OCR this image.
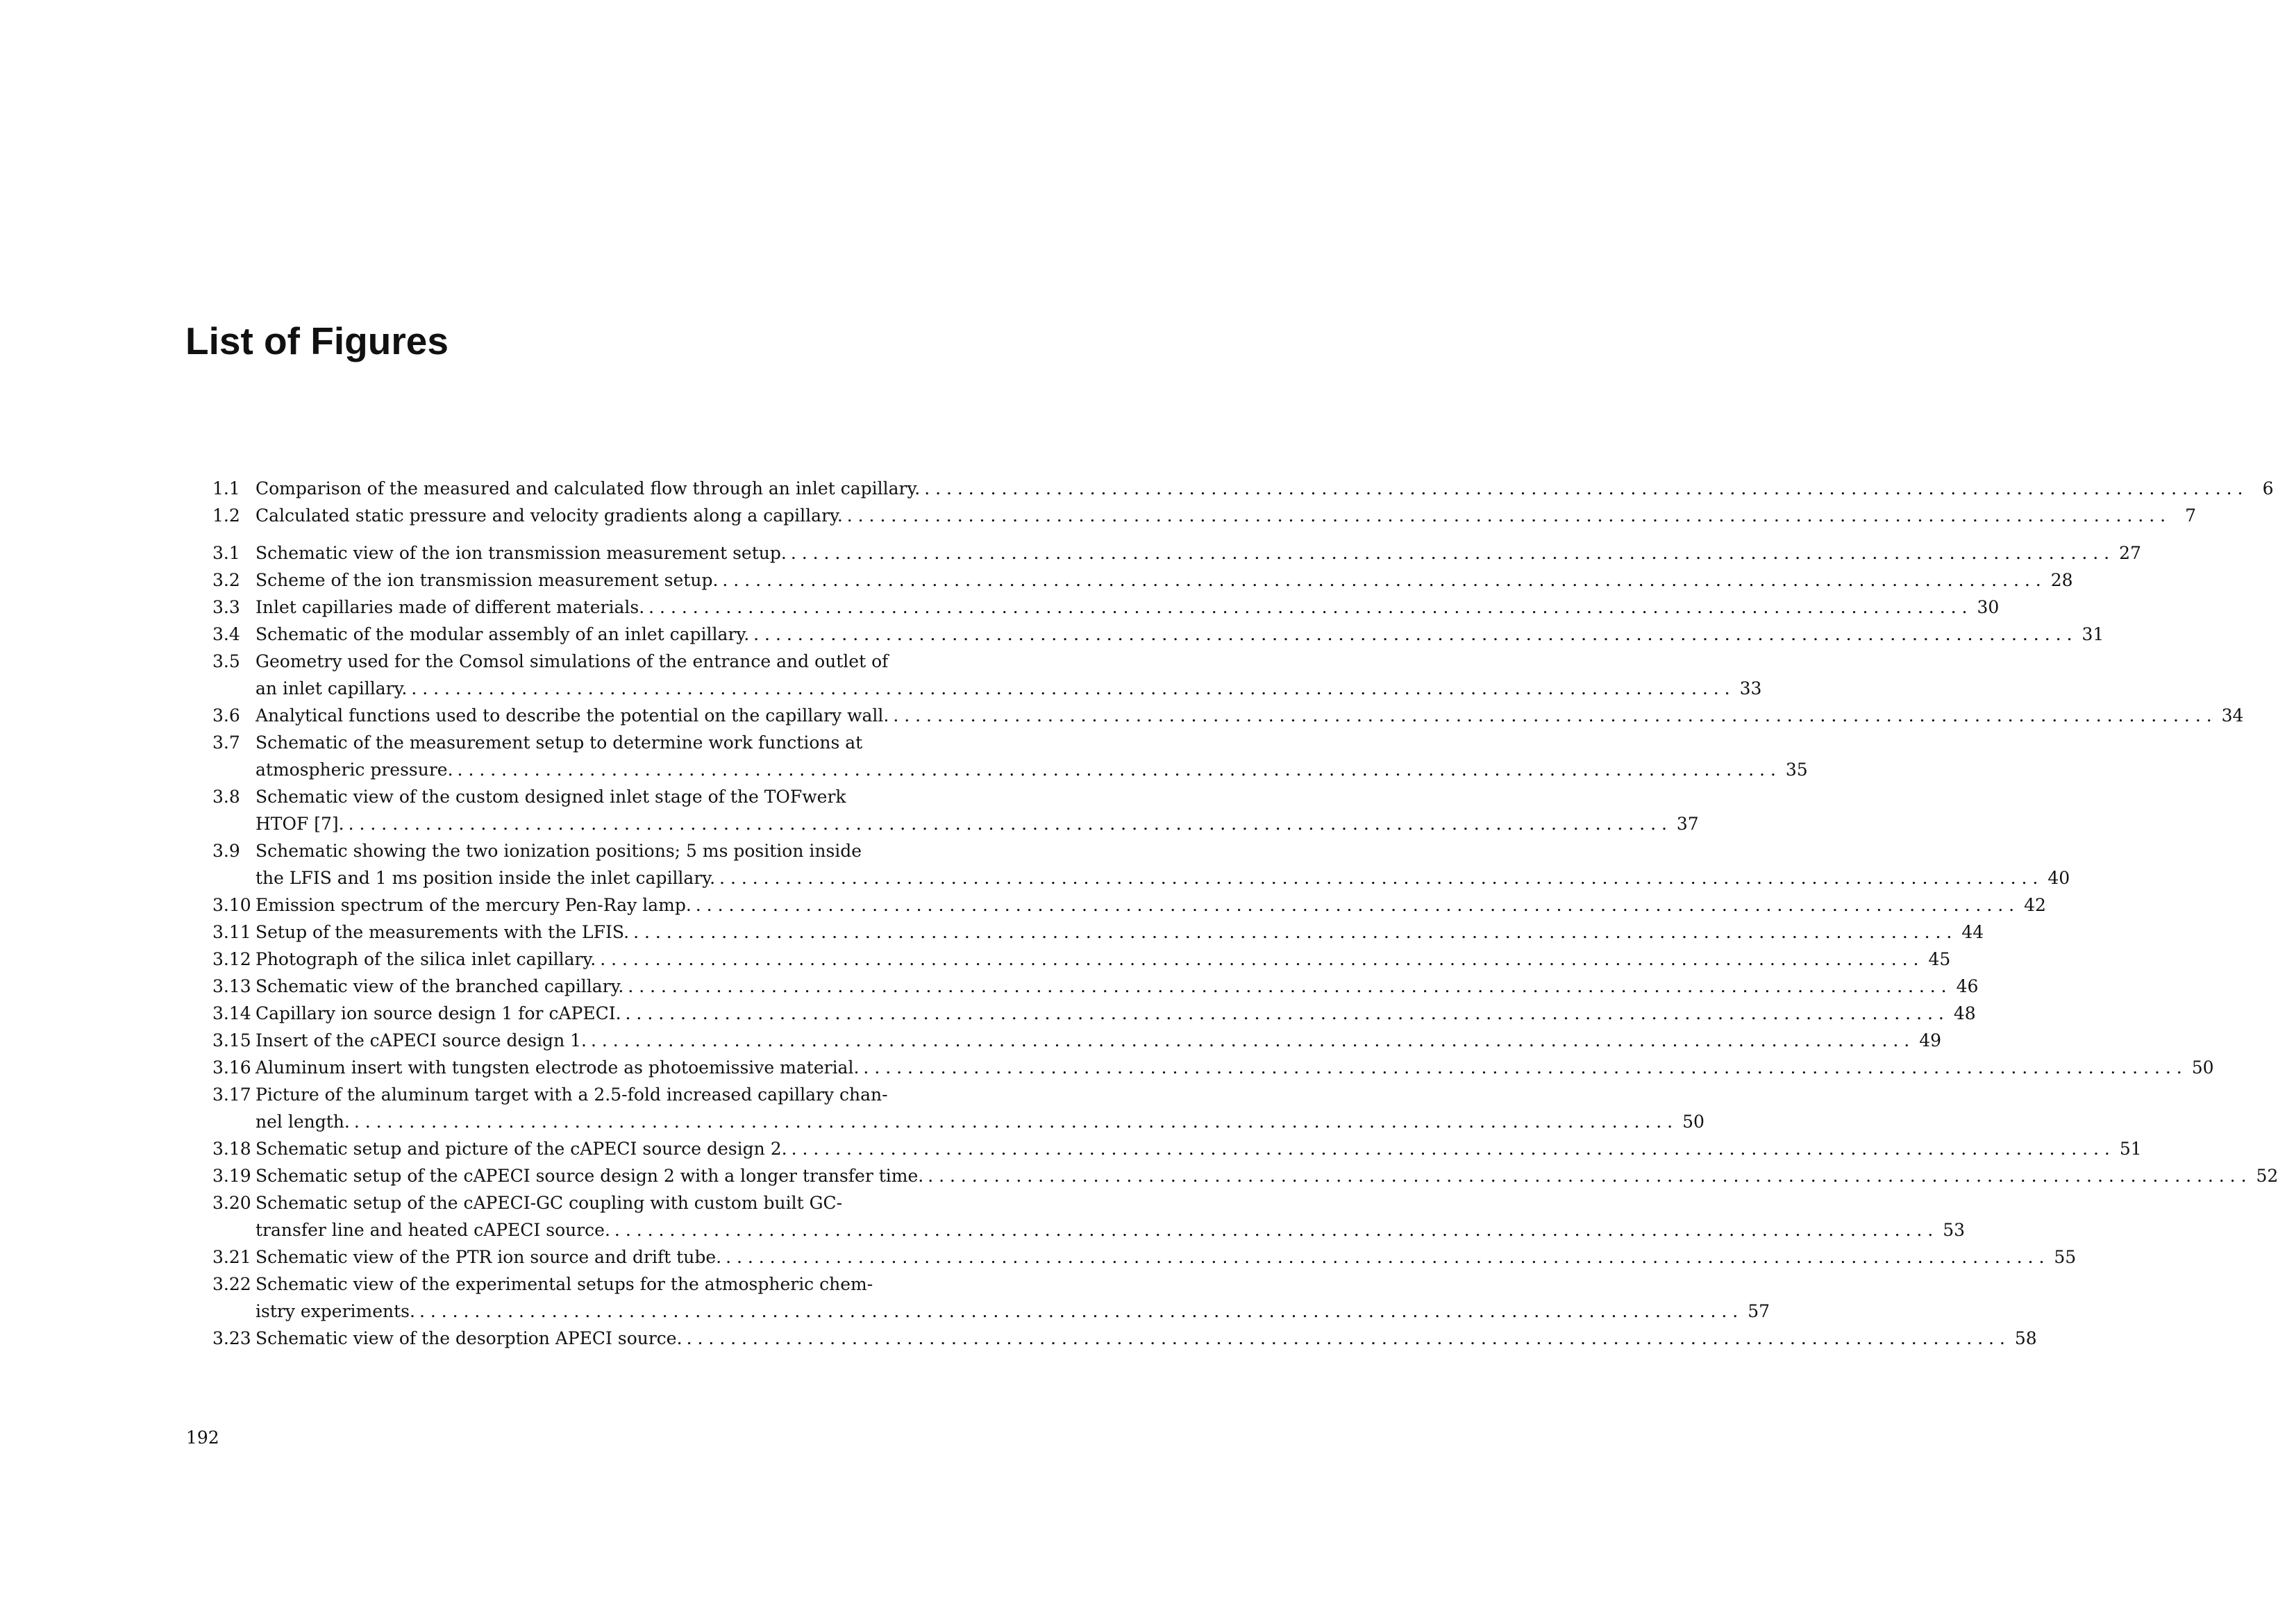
List of Figures
1.1 Comparison of the measured and calculated flow through an inlet capillary. . . . . . . . . . . . . . . . . . . . . . . . . . . . . . . . . . . . . . . . . . . . . . . . . . . . . . . . . . . . . . . . . . . . . . . . . . . . . . . . . . . . . . . . . . . . . . . . . . . . . . . . . . . . . . . . . . . . . . . . .	6
1.2 Calculated static pressure and velocity gradients along a capillary. . . . . . . . . . . . . . . . . . . . . . . . . . . . . . . . . . . . . . . . . . . . . . . . . . . . . . . . . . . . . . . . . . . . . . . . . . . . . . . . . . . . . . . . . . . . . . . . . . . . . . . . . . . . . . . . . . . . . . . . .	7
3.1 Schematic view of the ion transmission measurement setup. . . . . . . . . . . . . . . . . . . . . . . . . . . . . . . . . . . . . . . . . . . . . . . . . . . . . . . . . . . . . . . . . . . . . . . . . . . . . . . . . . . . . . . . . . . . . . . . . . . . . . . . . . . . . . . . . . . . . . . . . 27
3.2 Scheme of the ion transmission measurement setup. . . . . . . . . . . . . . . . . . . . . . . . . . . . . . . . . . . . . . . . . . . . . . . . . . . . . . . . . . . . . . . . . . . . . . . . . . . . . . . . . . . . . . . . . . . . . . . . . . . . . . . . . . . . . . . . . . . . . . . . . 28
3.3 Inlet capillaries made of different materials. . . . . . . . . . . . . . . . . . . . . . . . . . . . . . . . . . . . . . . . . . . . . . . . . . . . . . . . . . . . . . . . . . . . . . . . . . . . . . . . . . . . . . . . . . . . . . . . . . . . . . . . . . . . . . . . . . . . . . . . . 30
3.4 Schematic of the modular assembly of an inlet capillary. . . . . . . . . . . . . . . . . . . . . . . . . . . . . . . . . . . . . . . . . . . . . . . . . . . . . . . . . . . . . . . . . . . . . . . . . . . . . . . . . . . . . . . . . . . . . . . . . . . . . . . . . . . . . . . . . . . . . . . . . 31
3.5 Geometry used for the Comsol simulations of the entrance and outlet of
an inlet capillary. . . . . . . . . . . . . . . . . . . . . . . . . . . . . . . . . . . . . . . . . . . . . . . . . . . . . . . . . . . . . . . . . . . . . . . . . . . . . . . . . . . . . . . . . . . . . . . . . . . . . . . . . . . . . . . . . . . . . . . . . 33
3.6 Analytical functions used to describe the potential on the capillary wall. . . . . . . . . . . . . . . . . . . . . . . . . . . . . . . . . . . . . . . . . . . . . . . . . . . . . . . . . . . . . . . . . . . . . . . . . . . . . . . . . . . . . . . . . . . . . . . . . . . . . . . . . . . . . . . . . . . . . . . . . 34
3.7 Schematic of the measurement setup to determine work functions at
atmospheric pressure. . . . . . . . . . . . . . . . . . . . . . . . . . . . . . . . . . . . . . . . . . . . . . . . . . . . . . . . . . . . . . . . . . . . . . . . . . . . . . . . . . . . . . . . . . . . . . . . . . . . . . . . . . . . . . . . . . . . . . . . . 35
3.8 Schematic view of the custom designed inlet stage of the TOFwerk
HTOF [7]. . . . . . . . . . . . . . . . . . . . . . . . . . . . . . . . . . . . . . . . . . . . . . . . . . . . . . . . . . . . . . . . . . . . . . . . . . . . . . . . . . . . . . . . . . . . . . . . . . . . . . . . . . . . . . . . . . . . . . . . . 37
3.9 Schematic showing the two ionization positions; 5 ms position inside
the LFIS and 1 ms position inside the inlet capillary. . . . . . . . . . . . . . . . . . . . . . . . . . . . . . . . . . . . . . . . . . . . . . . . . . . . . . . . . . . . . . . . . . . . . . . . . . . . . . . . . . . . . . . . . . . . . . . . . . . . . . . . . . . . . . . . . . . . . . . . . 40
3.10 Emission spectrum of the mercury Pen-Ray lamp. . . . . . . . . . . . . . . . . . . . . . . . . . . . . . . . . . . . . . . . . . . . . . . . . . . . . . . . . . . . . . . . . . . . . . . . . . . . . . . . . . . . . . . . . . . . . . . . . . . . . . . . . . . . . . . . . . . . . . . . . 42
3.11 Setup of the measurements with the LFIS. . . . . . . . . . . . . . . . . . . . . . . . . . . . . . . . . . . . . . . . . . . . . . . . . . . . . . . . . . . . . . . . . . . . . . . . . . . . . . . . . . . . . . . . . . . . . . . . . . . . . . . . . . . . . . . . . . . . . . . . . 44
3.12 Photograph of the silica inlet capillary. . . . . . . . . . . . . . . . . . . . . . . . . . . . . . . . . . . . . . . . . . . . . . . . . . . . . . . . . . . . . . . . . . . . . . . . . . . . . . . . . . . . . . . . . . . . . . . . . . . . . . . . . . . . . . . . . . . . . . . . . 45
3.13 Schematic view of the branched capillary. . . . . . . . . . . . . . . . . . . . . . . . . . . . . . . . . . . . . . . . . . . . . . . . . . . . . . . . . . . . . . . . . . . . . . . . . . . . . . . . . . . . . . . . . . . . . . . . . . . . . . . . . . . . . . . . . . . . . . . . . 46
3.14 Capillary ion source design 1 for cAPECI. . . . . . . . . . . . . . . . . . . . . . . . . . . . . . . . . . . . . . . . . . . . . . . . . . . . . . . . . . . . . . . . . . . . . . . . . . . . . . . . . . . . . . . . . . . . . . . . . . . . . . . . . . . . . . . . . . . . . . . . . 48
3.15 Insert of the cAPECI source design 1. . . . . . . . . . . . . . . . . . . . . . . . . . . . . . . . . . . . . . . . . . . . . . . . . . . . . . . . . . . . . . . . . . . . . . . . . . . . . . . . . . . . . . . . . . . . . . . . . . . . . . . . . . . . . . . . . . . . . . . . . 49
3.16 Aluminum insert with tungsten electrode as photoemissive material. . . . . . . . . . . . . . . . . . . . . . . . . . . . . . . . . . . . . . . . . . . . . . . . . . . . . . . . . . . . . . . . . . . . . . . . . . . . . . . . . . . . . . . . . . . . . . . . . . . . . . . . . . . . . . . . . . . . . . . . . 50
3.17 Picture of the aluminum target with a 2.5-fold increased capillary chan-
nel length. . . . . . . . . . . . . . . . . . . . . . . . . . . . . . . . . . . . . . . . . . . . . . . . . . . . . . . . . . . . . . . . . . . . . . . . . . . . . . . . . . . . . . . . . . . . . . . . . . . . . . . . . . . . . . . . . . . . . . . . . 50
3.18 Schematic setup and picture of the cAPECI source design 2. . . . . . . . . . . . . . . . . . . . . . . . . . . . . . . . . . . . . . . . . . . . . . . . . . . . . . . . . . . . . . . . . . . . . . . . . . . . . . . . . . . . . . . . . . . . . . . . . . . . . . . . . . . . . . . . . . . . . . . . . 51
3.19 Schematic setup of the cAPECI source design 2 with a longer transfer time. . . . . . . . . . . . . . . . . . . . . . . . . . . . . . . . . . . . . . . . . . . . . . . . . . . . . . . . . . . . . . . . . . . . . . . . . . . . . . . . . . . . . . . . . . . . . . . . . . . . . . . . . . . . . . . . . . . . . . . . . 52
3.20 Schematic setup of the cAPECI-GC coupling with custom built GC-
transfer line and heated cAPECI source. . . . . . . . . . . . . . . . . . . . . . . . . . . . . . . . . . . . . . . . . . . . . . . . . . . . . . . . . . . . . . . . . . . . . . . . . . . . . . . . . . . . . . . . . . . . . . . . . . . . . . . . . . . . . . . . . . . . . . . . . 53
3.21 Schematic view of the PTR ion source and drift tube. . . . . . . . . . . . . . . . . . . . . . . . . . . . . . . . . . . . . . . . . . . . . . . . . . . . . . . . . . . . . . . . . . . . . . . . . . . . . . . . . . . . . . . . . . . . . . . . . . . . . . . . . . . . . . . . . . . . . . . . . 55
3.22 Schematic view of the experimental setups for the atmospheric chem-
istry experiments. . . . . . . . . . . . . . . . . . . . . . . . . . . . . . . . . . . . . . . . . . . . . . . . . . . . . . . . . . . . . . . . . . . . . . . . . . . . . . . . . . . . . . . . . . . . . . . . . . . . . . . . . . . . . . . . . . . . . . . . . 57
3.23 Schematic view of the desorption APECI source. . . . . . . . . . . . . . . . . . . . . . . . . . . . . . . . . . . . . . . . . . . . . . . . . . . . . . . . . . . . . . . . . . . . . . . . . . . . . . . . . . . . . . . . . . . . . . . . . . . . . . . . . . . . . . . . . . . . . . . . . 58
192
